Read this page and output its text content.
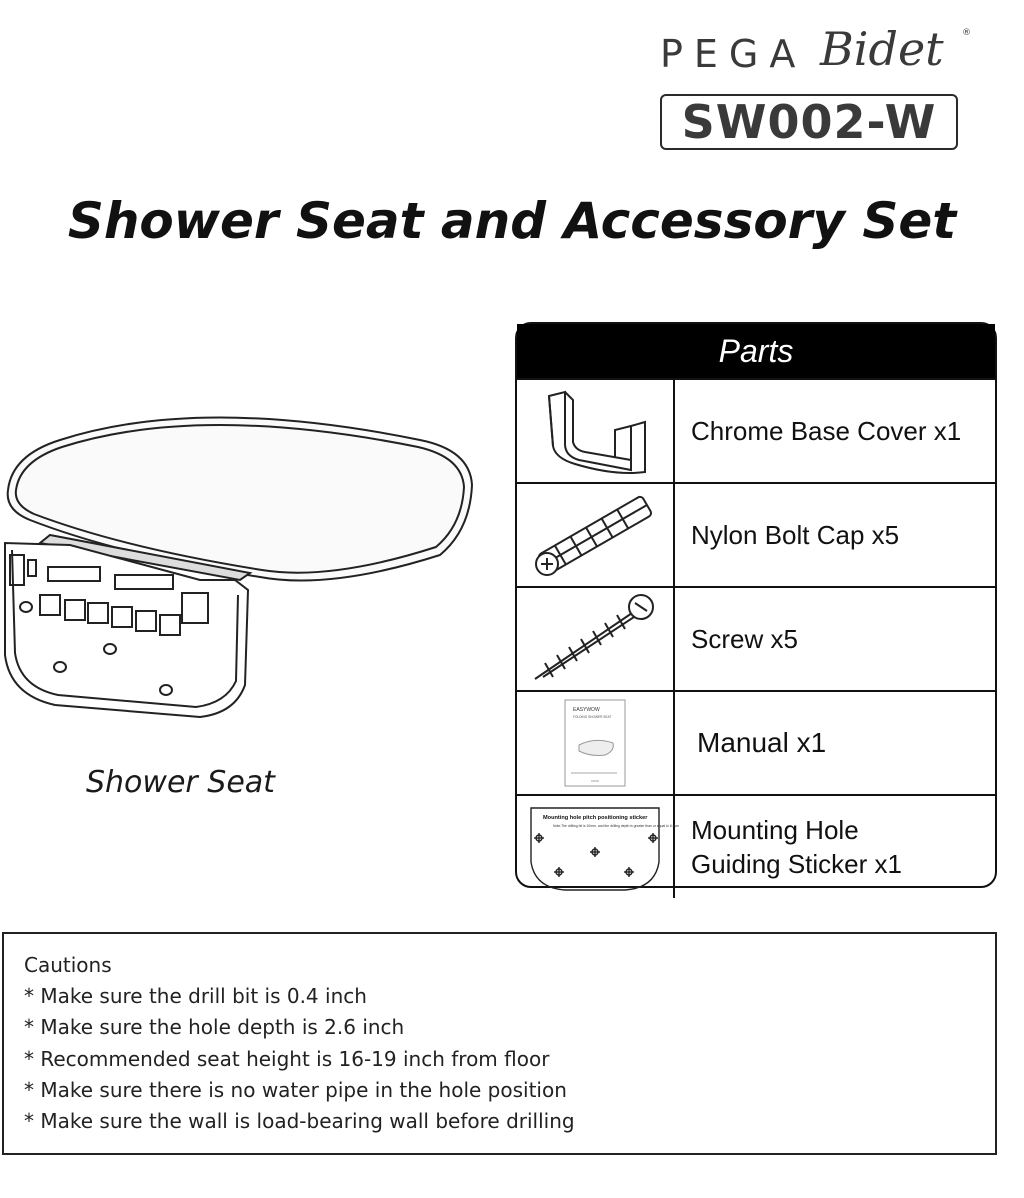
PEGA Bidet ®
SW002-W
Shower Seat and Accessory Set
Shower Seat
Parts
Chrome Base Cover x1
Nylon Bolt Cap x5
Screw x5
EASYWOW
FOLDING SHOWER SEAT
Manual x1
Mounting hole pitch positioning sticker
Note:The drilling bit is 10mm, and the drilling depth is greater than or equal to 6.5cm Mounting Hole
Guiding Sticker x1
Cautions
* Make sure the drill bit is 0.4 inch
* Make sure the hole depth is 2.6 inch
* Recommended seat height is 16-19 inch from floor
* Make sure there is no water pipe in the hole position
* Make sure the wall is load-bearing wall before drilling
